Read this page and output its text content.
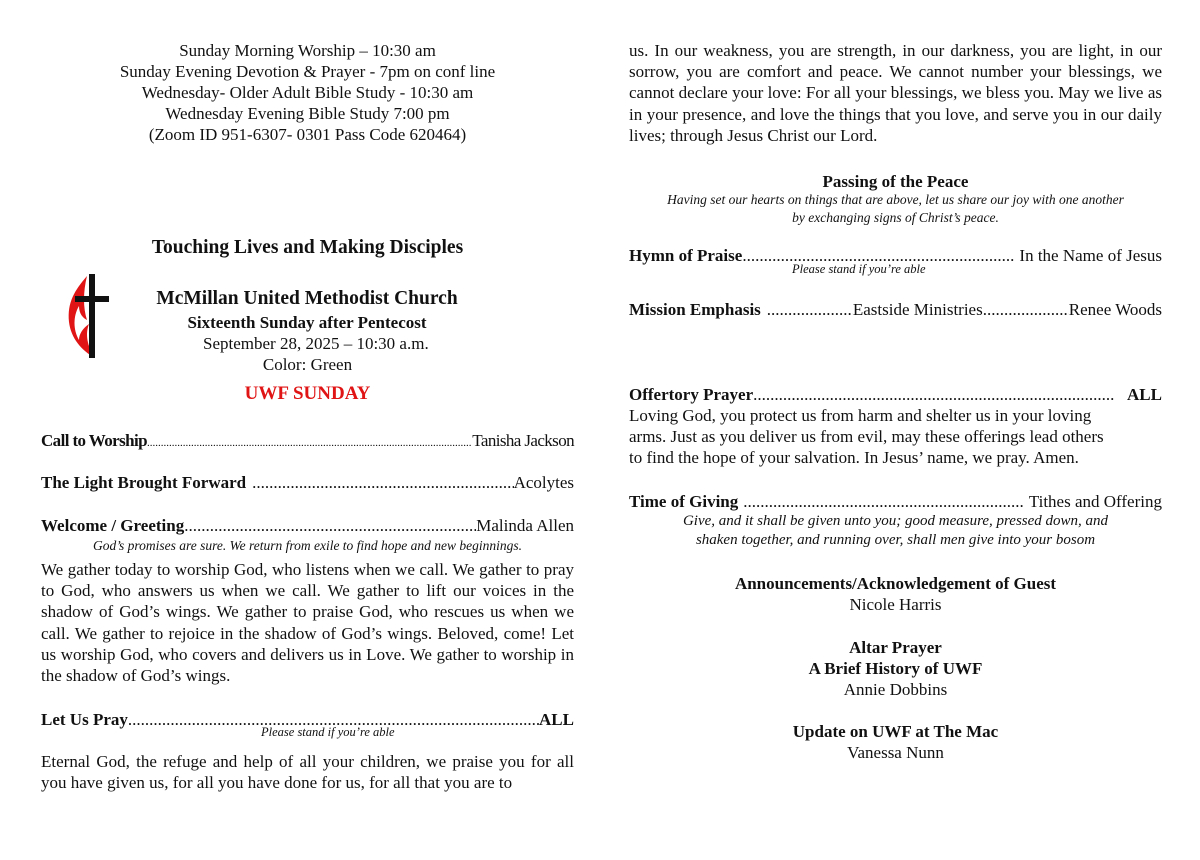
Sunday Morning Worship – 10:30 am
Sunday Evening Devotion & Prayer - 7pm on conf line
Wednesday- Older Adult Bible Study - 10:30 am
Wednesday Evening Bible Study 7:00 pm
(Zoom ID 951-6307- 0301 Pass Code 620464)
Touching Lives and Making Disciples
McMillan United Methodist Church
Sixteenth Sunday after Pentecost
September 28, 2025 – 10:30 a.m.
Color: Green
UWF SUNDAY
Call to Worship .....	Tanisha Jackson
The Light Brought Forward .....	Acolytes
Welcome / Greeting .....	Malinda Allen
God’s promises are sure. We return from exile to find hope and new beginnings.
We gather today to worship God, who listens when we call. We gather to pray to God, who answers us when we call. We gather to lift our voices in the shadow of God’s wings. We gather to praise God, who rescues us when we call. We gather to rejoice in the shadow of God’s wings. Beloved, come! Let us worship God, who covers and delivers us in Love. We gather to worship in the shadow of God’s wings.
Let Us Pray .....	ALL
Please stand if you’re able
Eternal God, the refuge and help of all your children, we praise you for all you have given us, for all you have done for us, for all that you are to
us. In our weakness, you are strength, in our darkness, you are light, in our sorrow, you are comfort and peace. We cannot number your blessings, we cannot declare your love: For all your blessings, we bless you. May we live as in your presence, and love the things that you love, and serve you in our daily lives; through Jesus Christ our Lord.
Passing of the Peace
Having set our hearts on things that are above, let us share our joy with one another
by exchanging signs of Christ’s peace.
Hymn of Praise .....	In the Name of Jesus
Please stand if you’re able
Mission Emphasis .....	Eastside Ministries .....	Renee Woods
Offertory Prayer .....	ALL
Loving God, you protect us from harm and shelter us in your loving
arms. Just as you deliver us from evil, may these offerings lead others
to find the hope of your salvation. In Jesus’ name, we pray. Amen.
Time of Giving .....	Tithes and Offering
Give, and it shall be given unto you; good measure, pressed down, and
shaken together, and running over, shall men give into your bosom
Announcements/Acknowledgement of Guest
Nicole Harris
Altar Prayer
A Brief History of UWF
Annie Dobbins
Update on UWF at The Mac
Vanessa Nunn
